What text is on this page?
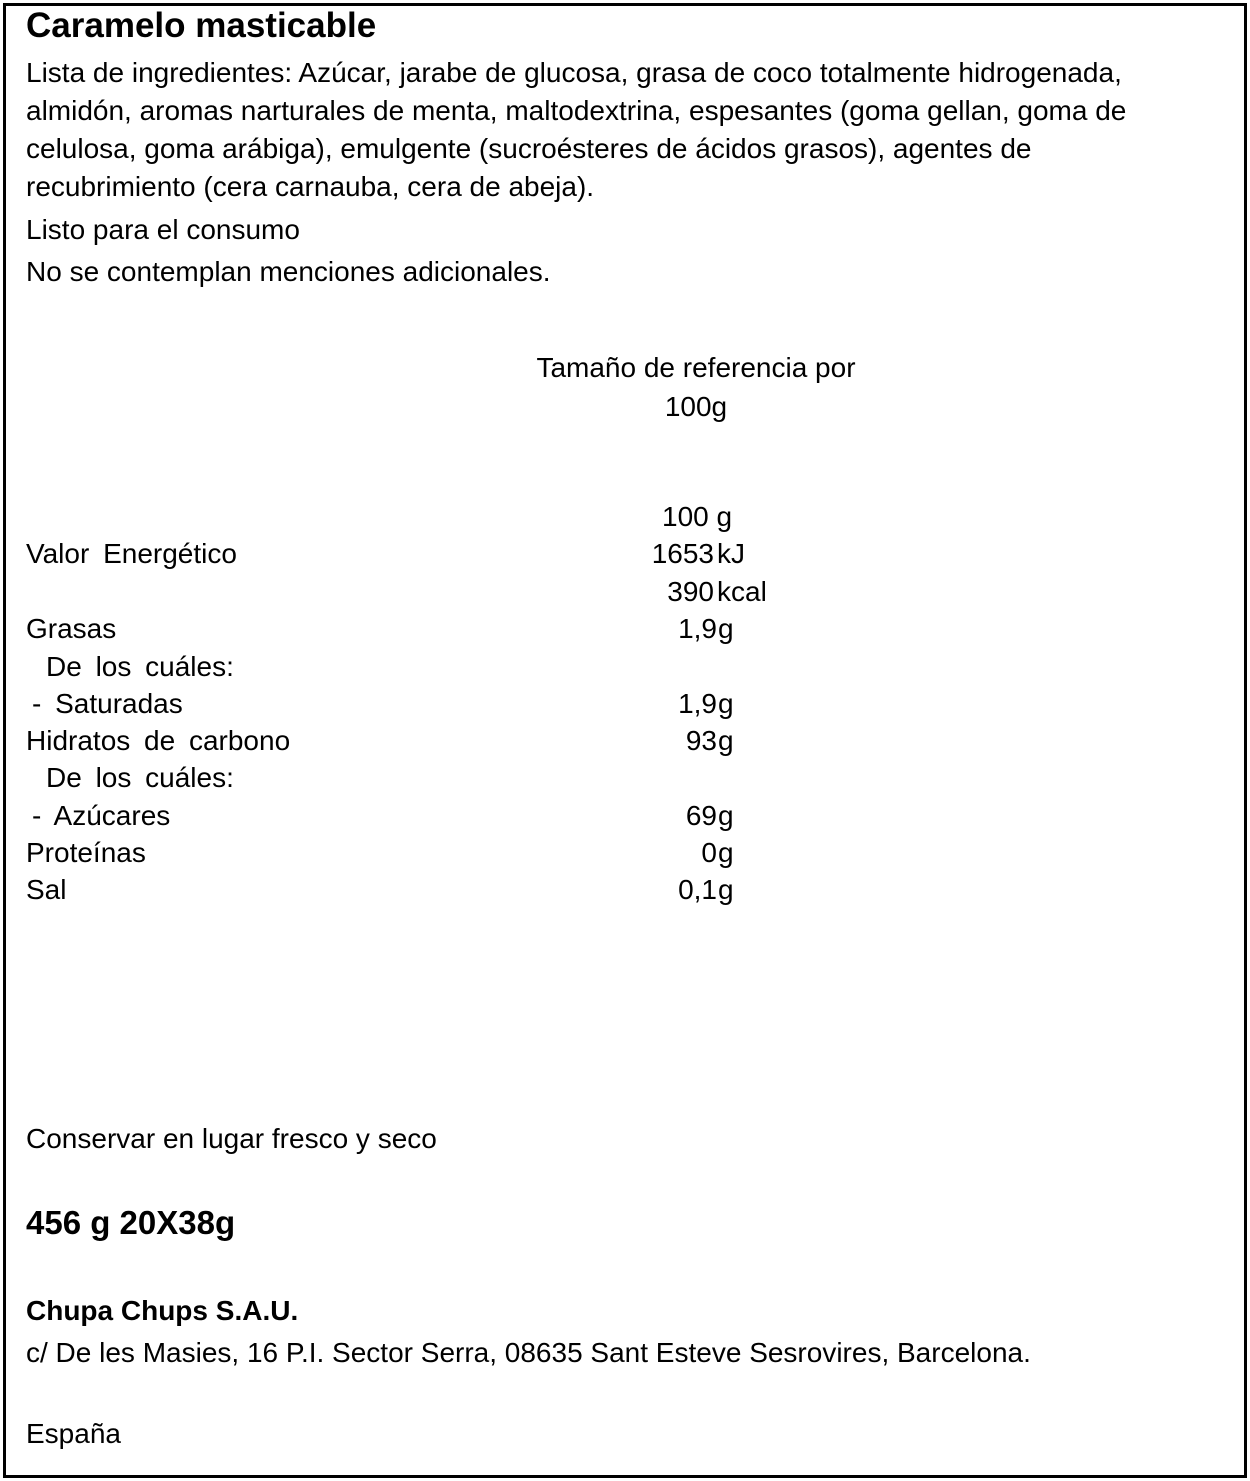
Caramelo masticable
Lista de ingredientes: Azúcar, jarabe de glucosa, grasa de coco totalmente hidrogenada, almidón, aromas narturales de menta, maltodextrina, espesantes (goma gellan, goma de celulosa, goma arábiga), emulgente (sucroésteres de ácidos grasos), agentes de recubrimiento (cera carnauba, cera de abeja).
Listo para el consumo
No se contemplan menciones adicionales.
Tamaño de referencia por
100g
100 g
Valor Energético	1653 kJ
390 kcal
Grasas	1,9 g
De los cuáles:
- Saturadas	1,9 g
Hidratos de carbono	93 g
De los cuáles:
- Azúcares	69 g
Proteínas	0 g
Sal	0,1 g
Conservar en lugar fresco y seco
456 g 20X38g
Chupa Chups S.A.U.
c/ De les Masies, 16 P.I. Sector Serra, 08635 Sant Esteve Sesrovires, Barcelona.
España
